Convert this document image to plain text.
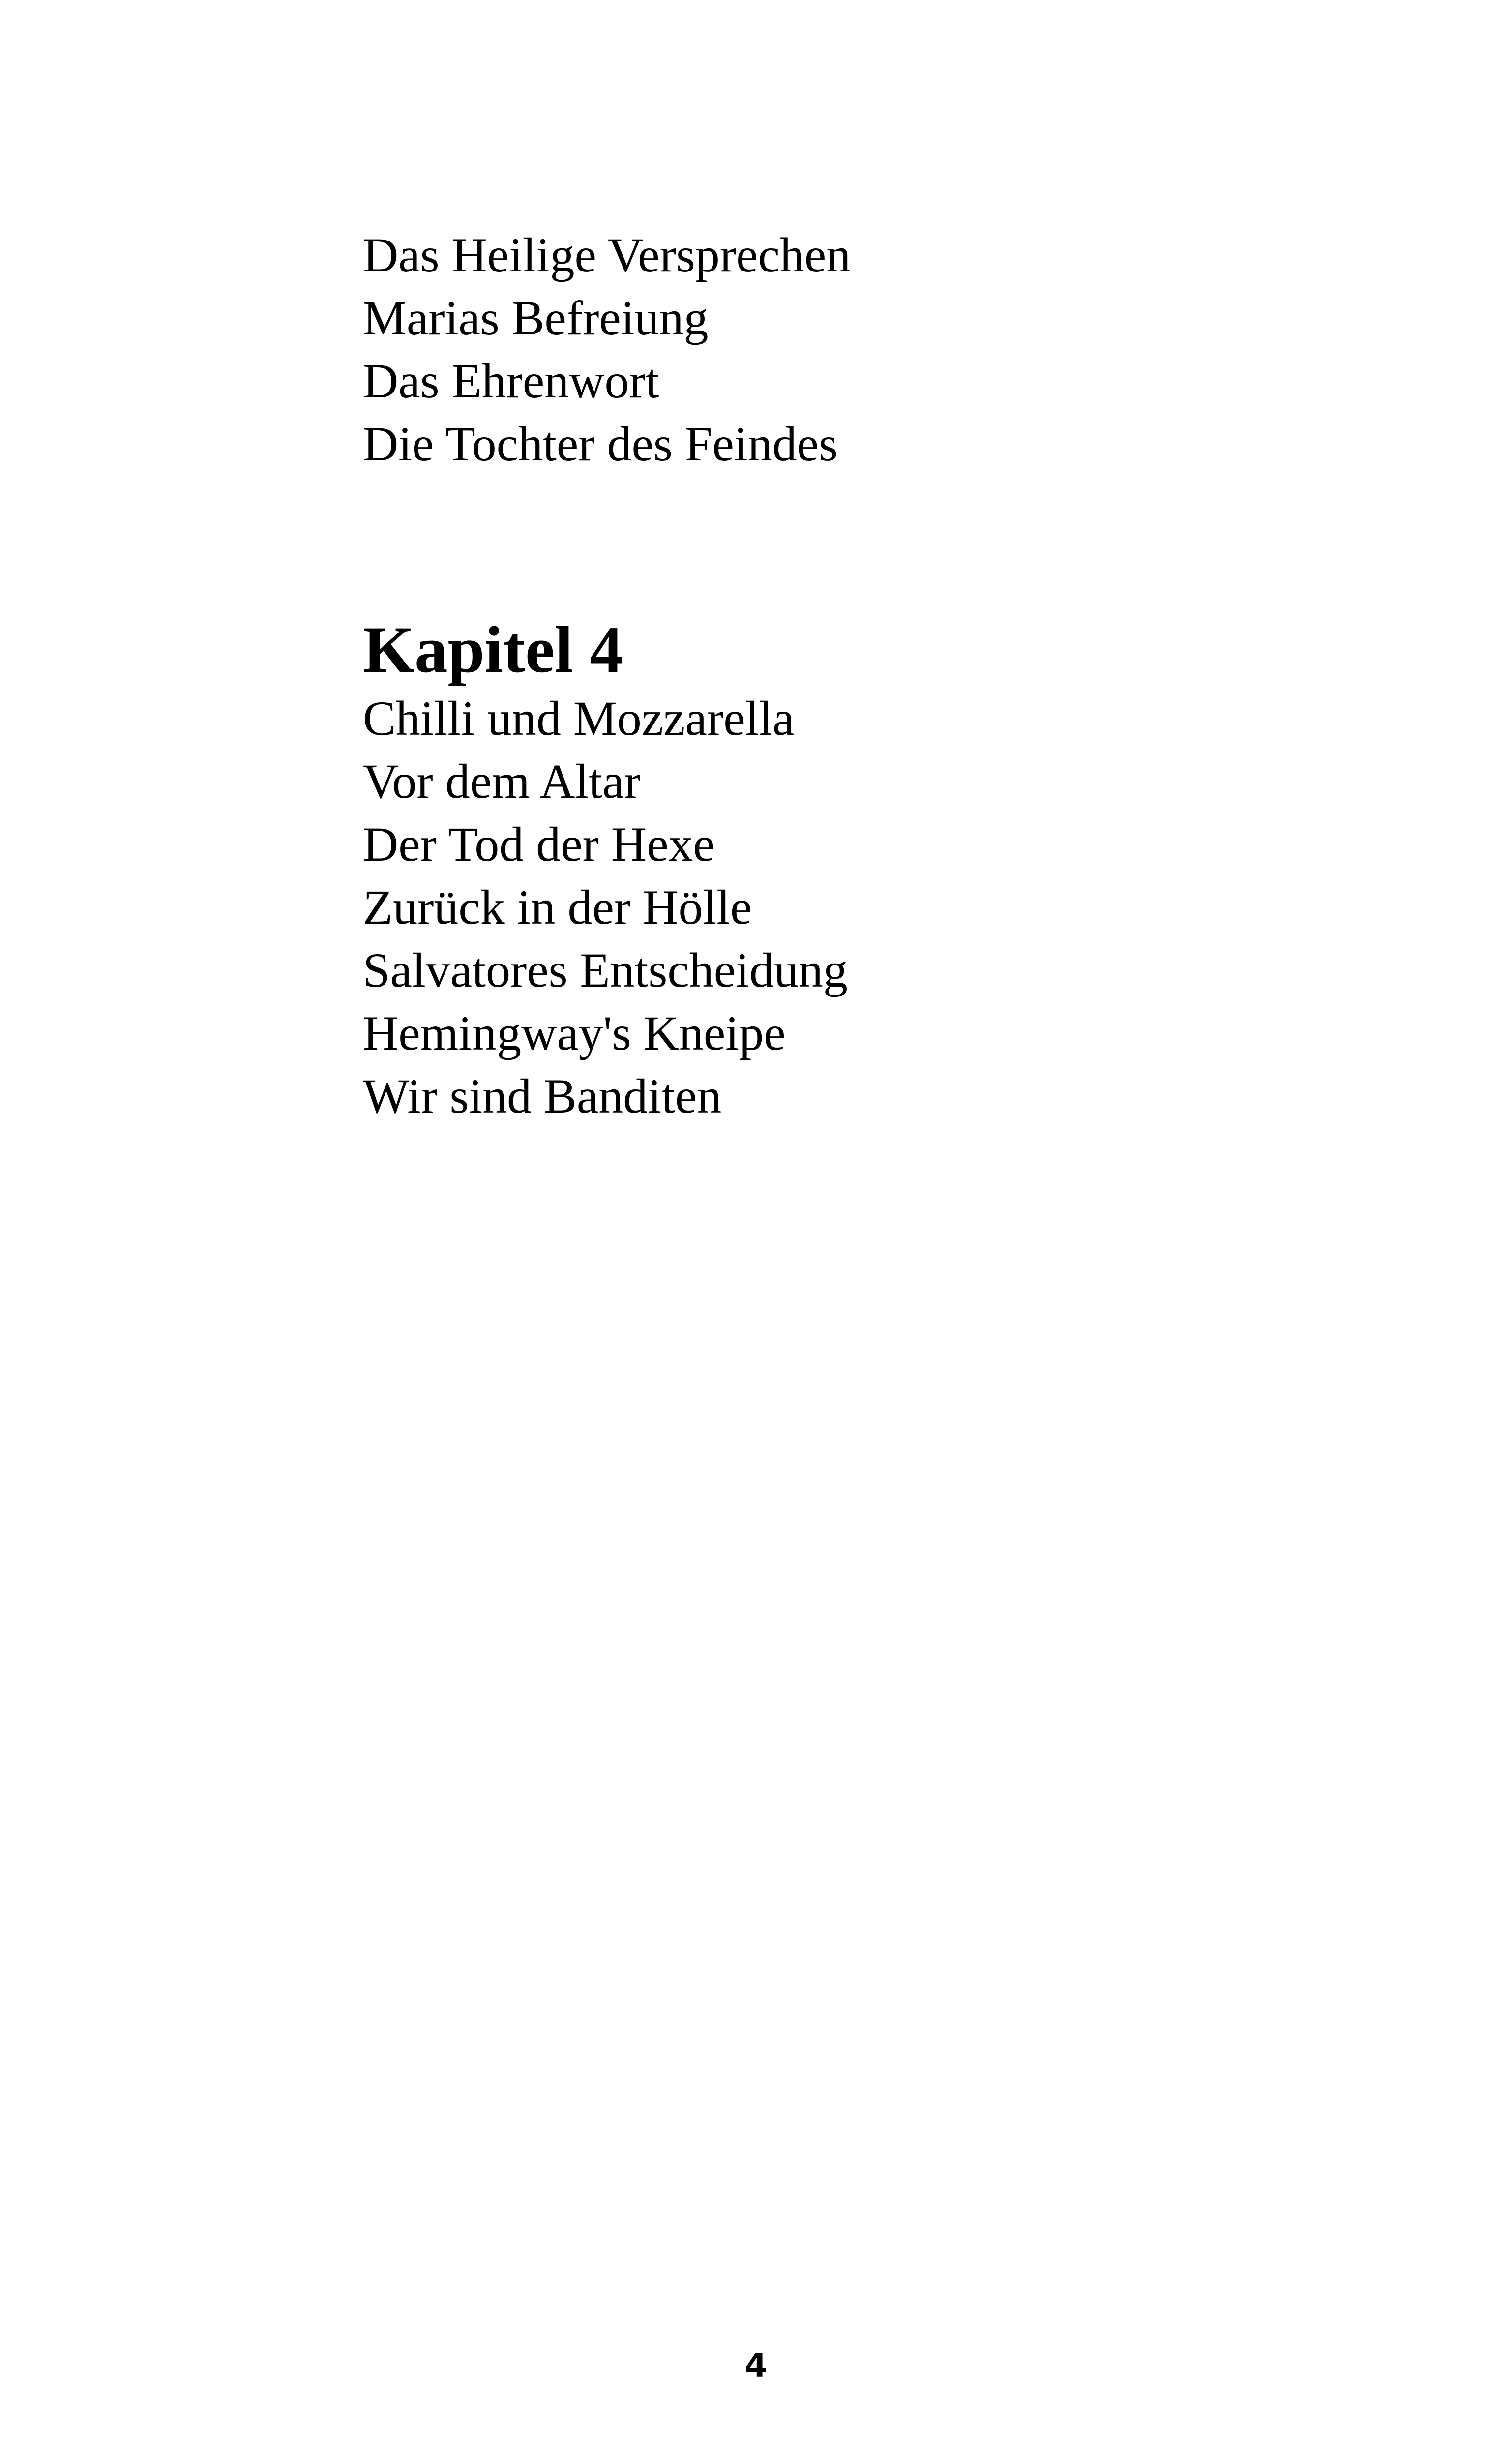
Das Heilige Versprechen
Marias Befreiung
Das Ehrenwort
Die Tochter des Feindes
Kapitel 4
Chilli und Mozzarella
Vor dem Altar
Der Tod der Hexe
Zurück in der Hölle
Salvatores Entscheidung
Hemingway's Kneipe
Wir sind Banditen
4
